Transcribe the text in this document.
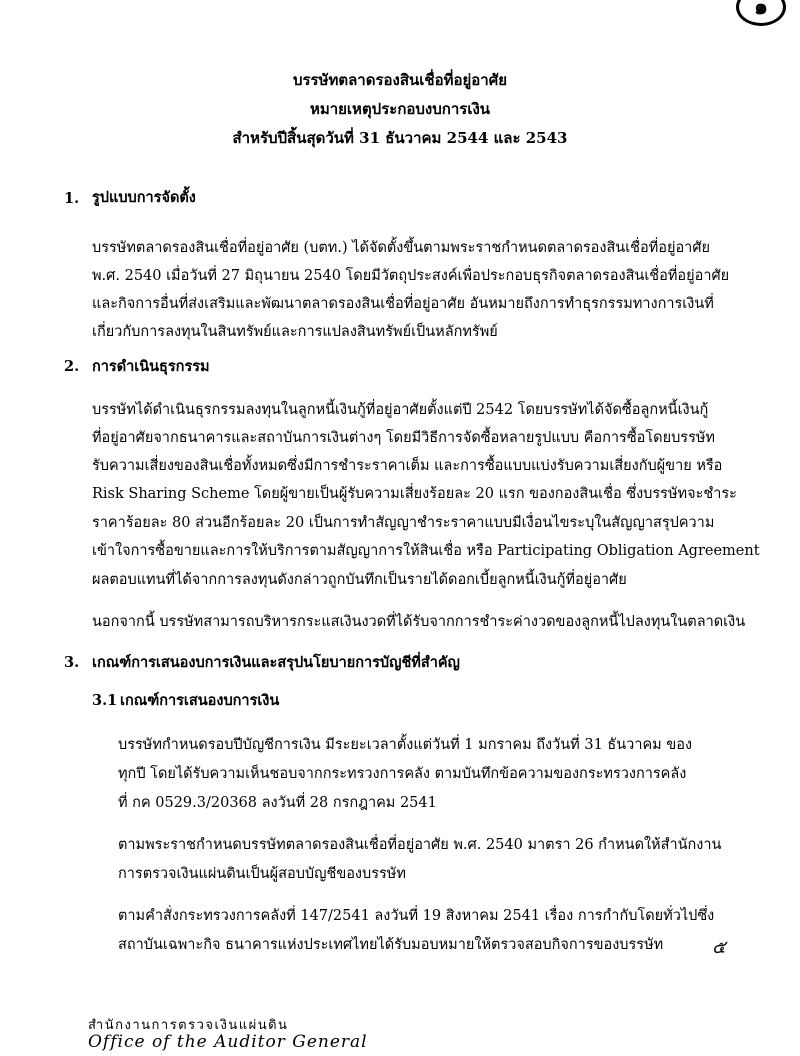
๑
บรรษัทตลาดรองสินเชื่อที่อยู่อาศัย
หมายเหตุประกอบงบการเงิน
สำหรับปีสิ้นสุดวันที่ 31 ธันวาคม 2544 และ 2543
1. รูปแบบการจัดตั้ง
บรรษัทตลาดรองสินเชื่อที่อยู่อาศัย (บตท.) ได้จัดตั้งขึ้นตามพระราชกำหนดตลาดรองสินเชื่อที่อยู่อาศัย
พ.ศ. 2540 เมื่อวันที่ 27 มิถุนายน 2540 โดยมีวัตถุประสงค์เพื่อประกอบธุรกิจตลาดรองสินเชื่อที่อยู่อาศัย
และกิจการอื่นที่ส่งเสริมและพัฒนาตลาดรองสินเชื่อที่อยู่อาศัย อันหมายถึงการทำธุรกรรมทางการเงินที่
เกี่ยวกับการลงทุนในสินทรัพย์และการแปลงสินทรัพย์เป็นหลักทรัพย์
2. การดำเนินธุรกรรม
บรรษัทได้ดำเนินธุรกรรมลงทุนในลูกหนี้เงินกู้ที่อยู่อาศัยตั้งแต่ปี 2542 โดยบรรษัทได้จัดซื้อลูกหนี้เงินกู้
ที่อยู่อาศัยจากธนาคารและสถาบันการเงินต่างๆ โดยมีวิธีการจัดซื้อหลายรูปแบบ คือการซื้อโดยบรรษัท
รับความเสี่ยงของสินเชื่อทั้งหมดซึ่งมีการชำระราคาเต็ม และการซื้อแบบแบ่งรับความเสี่ยงกับผู้ขาย หรือ
Risk Sharing Scheme โดยผู้ขายเป็นผู้รับความเสี่ยงร้อยละ 20 แรก ของกองสินเชื่อ ซึ่งบรรษัทจะชำระ
ราคาร้อยละ 80 ส่วนอีกร้อยละ 20 เป็นการทำสัญญาชำระราคาแบบมีเงื่อนไขระบุในสัญญาสรุปความ
เข้าใจการซื้อขายและการให้บริการตามสัญญาการให้สินเชื่อ หรือ Participating Obligation Agreement
ผลตอบแทนที่ได้จากการลงทุนดังกล่าวถูกบันทึกเป็นรายได้ดอกเบี้ยลูกหนี้เงินกู้ที่อยู่อาศัย
นอกจากนี้ บรรษัทสามารถบริหารกระแสเงินงวดที่ได้รับจากการชำระค่างวดของลูกหนี้ไปลงทุนในตลาดเงิน
3. เกณฑ์การเสนองบการเงินและสรุปนโยบายการบัญชีที่สำคัญ
3.1 เกณฑ์การเสนองบการเงิน
บรรษัทกำหนดรอบปีบัญชีการเงิน มีระยะเวลาตั้งแต่วันที่ 1 มกราคม ถึงวันที่ 31 ธันวาคม ของ
ทุกปี โดยได้รับความเห็นชอบจากกระทรวงการคลัง ตามบันทึกข้อความของกระทรวงการคลัง
ที่ กค 0529.3/20368 ลงวันที่ 28 กรกฎาคม 2541
ตามพระราชกำหนดบรรษัทตลาดรองสินเชื่อที่อยู่อาศัย พ.ศ. 2540 มาตรา 26 กำหนดให้สำนักงาน
การตรวจเงินแผ่นดินเป็นผู้สอบบัญชีของบรรษัท
ตามคำสั่งกระทรวงการคลังที่ 147/2541 ลงวันที่ 19 สิงหาคม 2541 เรื่อง การกำกับโดยทั่วไปซึ่ง
สถาบันเฉพาะกิจ ธนาคารแห่งประเทศไทยได้รับมอบหมายให้ตรวจสอบกิจการของบรรษัท	๕
สำนักงานการตรวจเงินแผ่นดิน
Office of the Auditor General
